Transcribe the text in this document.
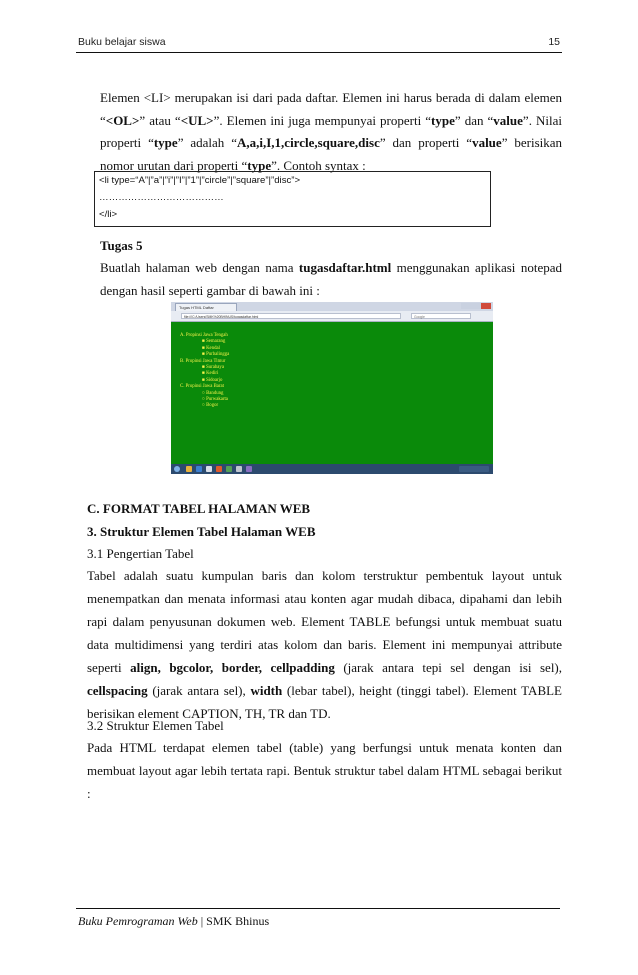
Buku belajar siswa	15
Elemen <LI> merupakan isi dari pada daftar. Elemen ini harus berada di dalam elemen “<OL>” atau “<UL>”. Elemen ini juga mempunyai properti “type” dan “value”. Nilai properti “type” adalah “A,a,i,I,1,circle,square,disc” dan properti “value” berisikan nomor urutan dari properti “type”. Contoh syntax :
<li type=“A”|”a”|”i”|”I”|”1”|”circle”|”square”|”disc”>
…………………………………
</li>
Tugas 5
Buatlah halaman web dengan nama tugasdaftar.html menggunakan aplikasi notepad dengan hasil seperti gambar di bawah ini :
Tugas HTML Daftar
file:///C:/Users/SMK%20BHINUS/tugasdaftar.html	Google
A. Propinsi Jawa Tengah
■ Semarang
■ Kendal
■ Purbalingga
B. Propinsi Jawa Timur
■ Surabaya
■ Kediri
■ Sidoarjo
C. Propinsi Jawa Barat
○ Bandung
○ Purwakarta
○ Bogor
C. FORMAT TABEL HALAMAN WEB
3. Struktur Elemen Tabel Halaman WEB
3.1 Pengertian Tabel
Tabel adalah suatu kumpulan baris dan kolom terstruktur pembentuk layout untuk menempatkan dan menata informasi atau konten agar mudah dibaca, dipahami dan lebih rapi dalam penyusunan dokumen web. Element TABLE befungsi untuk membuat suatu data multidimensi yang terdiri atas kolom dan baris. Element ini mempunyai attribute seperti align, bgcolor, border, cellpadding (jarak antara tepi sel dengan isi sel), cellspacing (jarak antara sel), width (lebar tabel), height (tinggi tabel). Element TABLE berisikan element CAPTION, TH, TR dan TD.
3.2 Struktur Elemen Tabel
Pada HTML terdapat elemen tabel (table) yang berfungsi untuk menata konten dan membuat layout agar lebih tertata rapi. Bentuk struktur tabel dalam HTML sebagai berikut :
Buku Pemrograman Web | SMK Bhinus
